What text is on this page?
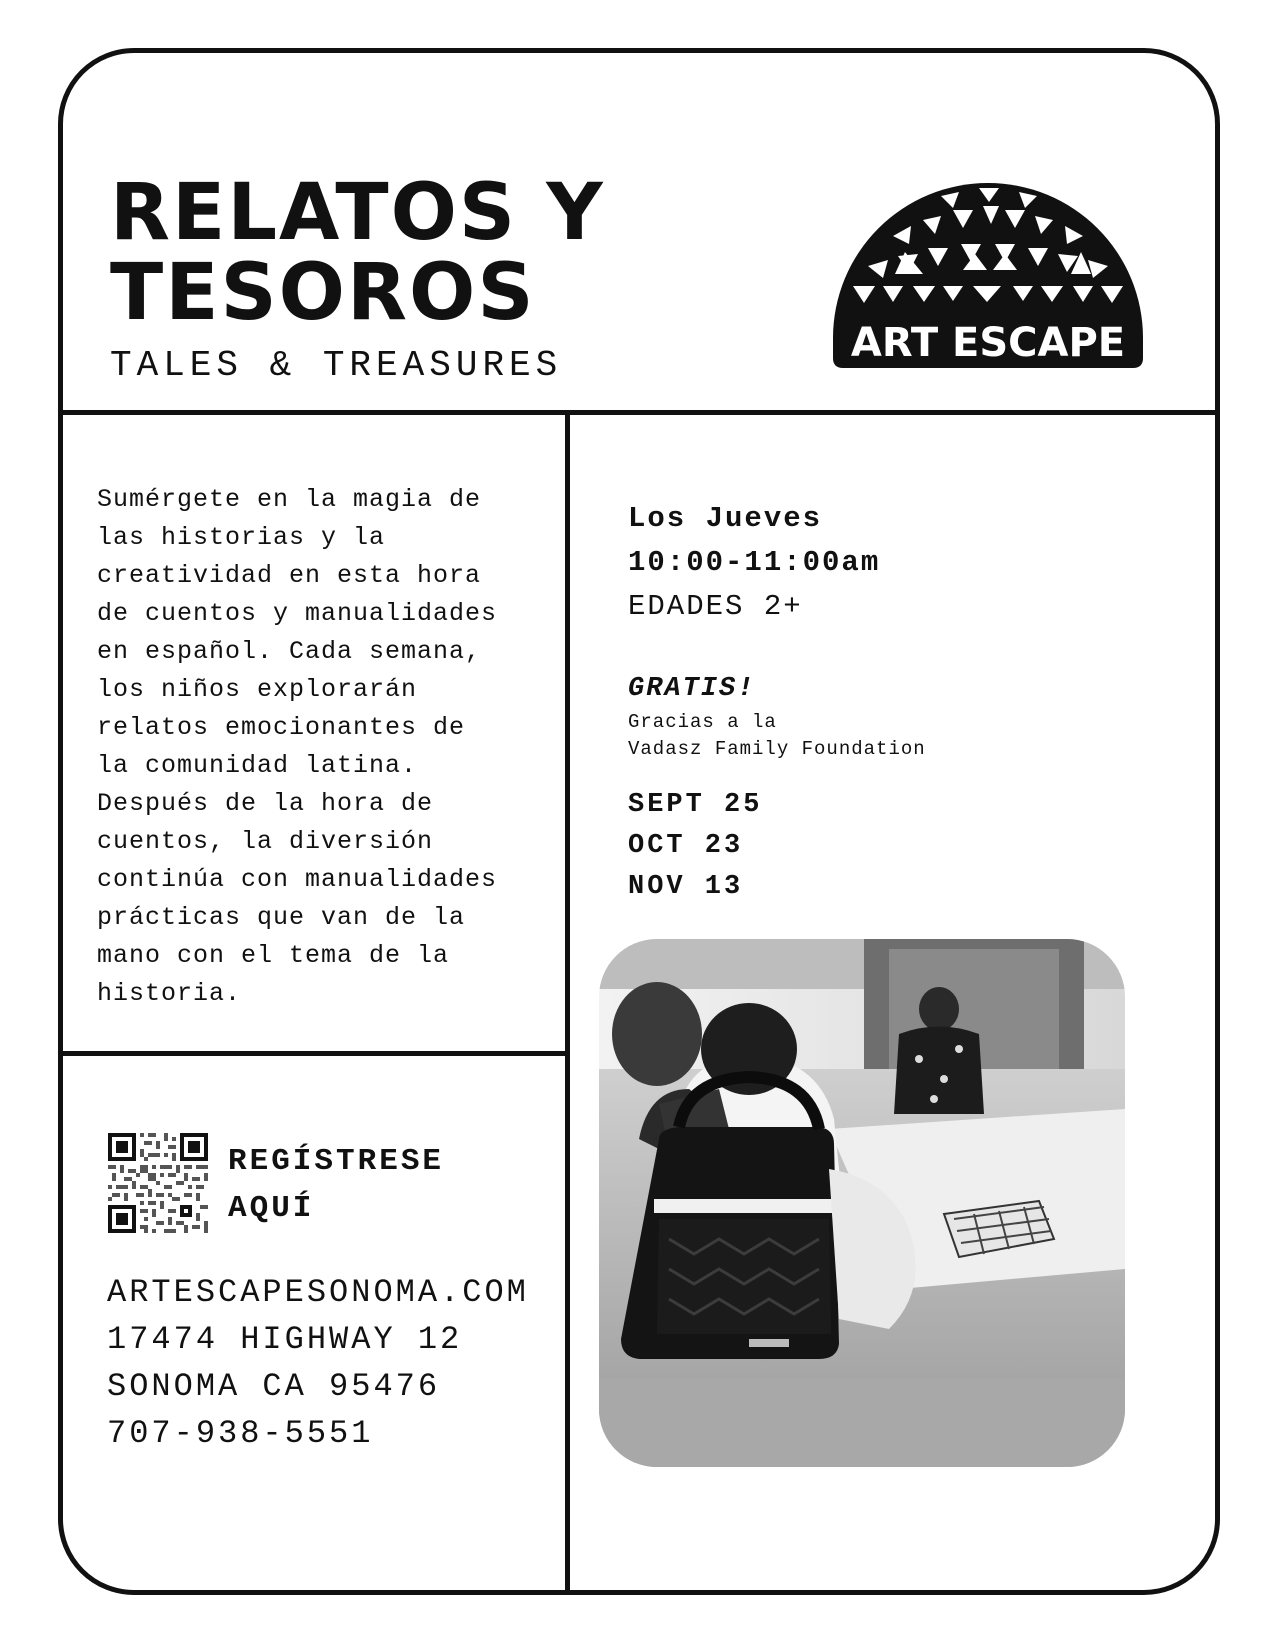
RELATOS Y
TESOROS
TALES & TREASURES	ART ESCAPE
Sumérgete en la magia de
las historias y la
creatividad en esta hora
de cuentos y manualidades
en español. Cada semana,
los niños explorarán
relatos emocionantes de
la comunidad latina.
Después de la hora de
cuentos, la diversión
continúa con manualidades
prácticas que van de la
mano con el tema de la
historia.
Los Jueves
10:00-11:00am
EDADES 2+
GRATIS!
Gracias a la
Vadasz Family Foundation
SEPT 25
OCT 23
NOV 13
REGÍSTRESE
AQUÍ
ARTESCAPESONOMA.COM
17474 HIGHWAY 12
SONOMA CA 95476
707-938-5551
